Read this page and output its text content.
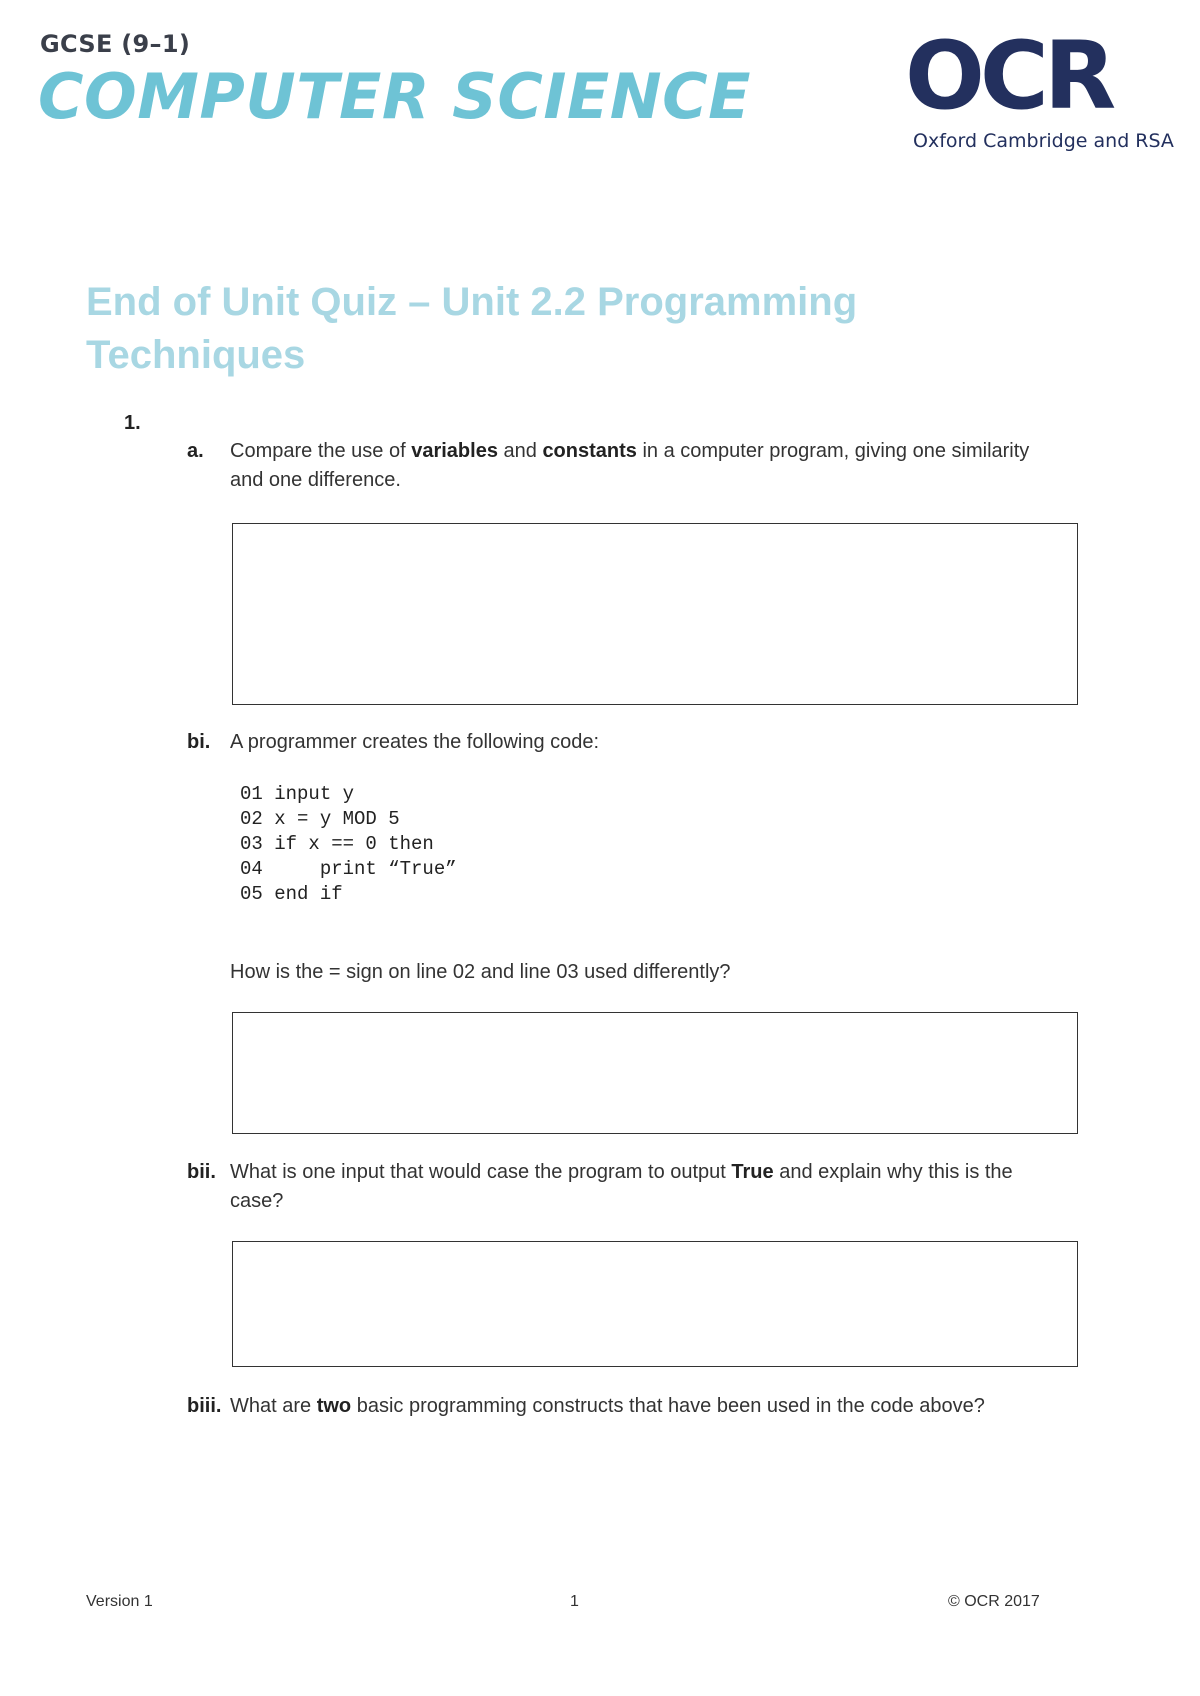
GCSE (9–1)
COMPUTER SCIENCE OCR
Oxford Cambridge and RSA
End of Unit Quiz – Unit 2.2 Programming Techniques
1.
a. Compare the use of variables and constants in a computer program, giving one similarity and one difference.
bi. A programmer creates the following code:
01 input y
02 x = y MOD 5
03 if x == 0 then
04     print “True”
05 end if
How is the = sign on line 02 and line 03 used differently?
bii. What is one input that would case the program to output True and explain why this is the case?
biii. What are two basic programming constructs that have been used in the code above?
Version 1	1	© OCR 2017
